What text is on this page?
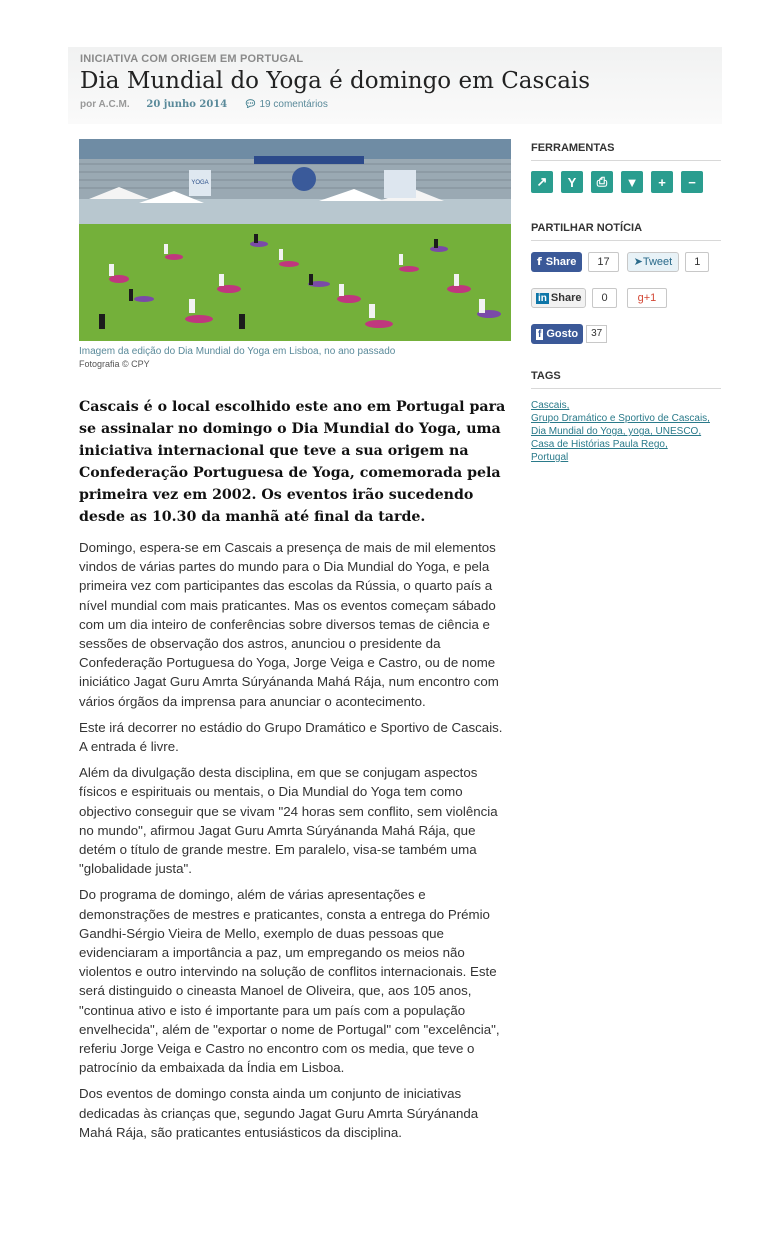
INICIATIVA COM ORIGEM EM PORTUGAL
Dia Mundial do Yoga é domingo em Cascais
por A.C.M. 20 junho 2014 💬︎ 19 comentários
YOGA
Imagem da edição do Dia Mundial do Yoga em Lisboa, no ano passado
Fotografia © CPY
Cascais é o local escolhido este ano em Portugal para se assinalar no domingo o Dia Mundial do Yoga, uma iniciativa internacional que teve a sua origem na Confederação Portuguesa de Yoga, comemorada pela primeira vez em 2002. Os eventos irão sucedendo desde as 10.30 da manhã até final da tarde.

Domingo, espera-se em Cascais a presença de mais de mil elementos vindos de várias partes do mundo para o Dia Mundial do Yoga, e pela primeira vez com participantes das escolas da Rússia, o quarto país a nível mundial com mais praticantes. Mas os eventos começam sábado com um dia inteiro de conferências sobre diversos temas de ciência e sessões de observação dos astros, anunciou o presidente da Confederação Portuguesa do Yoga, Jorge Veiga e Castro, ou de nome iniciático Jagat Guru Amrta Súryánanda Mahá Rája, num encontro com vários órgãos da imprensa para anunciar o acontecimento.

Este irá decorrer no estádio do Grupo Dramático e Sportivo de Cascais. A entrada é livre.

Além da divulgação desta disciplina, em que se conjugam aspectos físicos e espirituais ou mentais, o Dia Mundial do Yoga tem como objectivo conseguir que se vivam "24 horas sem conflito, sem violência no mundo", afirmou Jagat Guru Amrta Súryánanda Mahá Rája, que detém o título de grande mestre. Em paralelo, visa-se também uma "globalidade justa".

Do programa de domingo, além de várias apresentações e demonstrações de mestres e praticantes, consta a entrega do Prémio Gandhi-Sérgio Vieira de Mello, exemplo de duas pessoas que evidenciaram a importância a paz, um empregando os meios não violentos e outro intervindo na solução de conflitos internacionais. Este será distinguido o cineasta Manoel de Oliveira, que, aos 105 anos, "continua ativo e isto é importante para um país com a população envelhecida", além de "exportar o nome de Portugal" com "excelência", referiu Jorge Veiga e Castro no encontro com os media, que teve o patrocínio da embaixada da Índia em Lisboa.

Dos eventos de domingo consta ainda um conjunto de iniciativas dedicadas às crianças que, segundo Jagat Guru Amrta Súryánanda Mahá Rája, são praticantes entusiásticos da disciplina.

FERRAMENTAS
↗	Υ	⎙	▼	+	−
PARTILHAR NOTÍCIA
f Share	17	➤Tweet	1
in Share	0	g+1
f Gosto	37
TAGS
Cascais,
Grupo Dramático e Sportivo de Cascais,
Dia Mundial do Yoga, yoga, UNESCO,
Casa de Histórias Paula Rego,
Portugal
